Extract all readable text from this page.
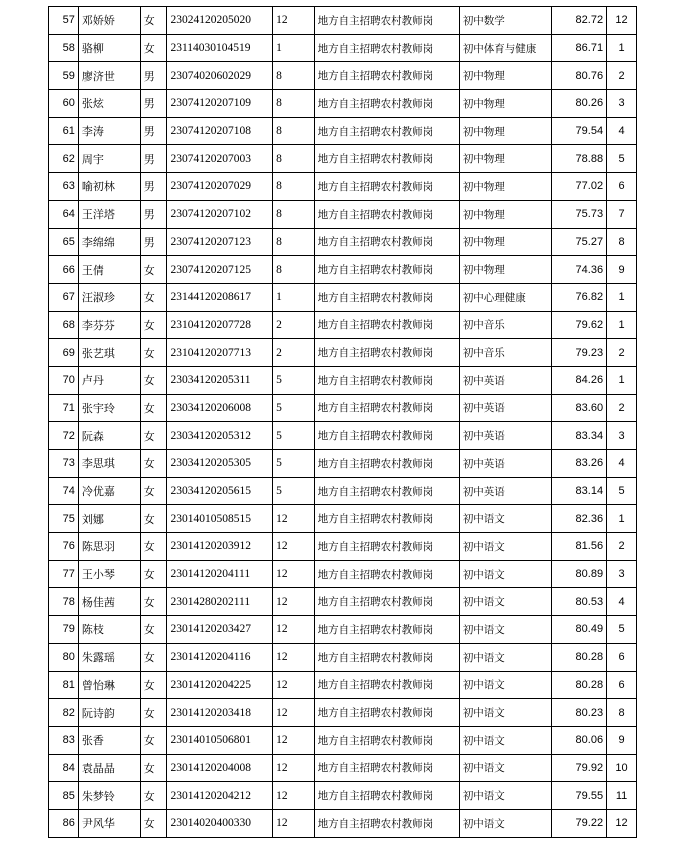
57	邓娇娇	女	23024120205020	12	地方自主招聘农村教师岗	初中数学	82.72	12
58	骆柳	女	23114030104519	1	地方自主招聘农村教师岗	初中体育与健康	86.71	1
59	廖济世	男	23074020602029	8	地方自主招聘农村教师岗	初中物理	80.76	2
60	张炫	男	23074120207109	8	地方自主招聘农村教师岗	初中物理	80.26	3
61	李涛	男	23074120207108	8	地方自主招聘农村教师岗	初中物理	79.54	4
62	周宇	男	23074120207003	8	地方自主招聘农村教师岗	初中物理	78.88	5
63	喻初林	男	23074120207029	8	地方自主招聘农村教师岗	初中物理	77.02	6
64	王洋塔	男	23074120207102	8	地方自主招聘农村教师岗	初中物理	75.73	7
65	李绵绵	男	23074120207123	8	地方自主招聘农村教师岗	初中物理	75.27	8
66	王倩	女	23074120207125	8	地方自主招聘农村教师岗	初中物理	74.36	9
67	汪淑珍	女	23144120208617	1	地方自主招聘农村教师岗	初中心理健康	76.82	1
68	李芬芬	女	23104120207728	2	地方自主招聘农村教师岗	初中音乐	79.62	1
69	张艺琪	女	23104120207713	2	地方自主招聘农村教师岗	初中音乐	79.23	2
70	卢丹	女	23034120205311	5	地方自主招聘农村教师岗	初中英语	84.26	1
71	张宇玲	女	23034120206008	5	地方自主招聘农村教师岗	初中英语	83.60	2
72	阮森	女	23034120205312	5	地方自主招聘农村教师岗	初中英语	83.34	3
73	李思琪	女	23034120205305	5	地方自主招聘农村教师岗	初中英语	83.26	4
74	冷优嘉	女	23034120205615	5	地方自主招聘农村教师岗	初中英语	83.14	5
75	刘娜	女	23014010508515	12	地方自主招聘农村教师岗	初中语文	82.36	1
76	陈思羽	女	23014120203912	12	地方自主招聘农村教师岗	初中语文	81.56	2
77	王小琴	女	23014120204111	12	地方自主招聘农村教师岗	初中语文	80.89	3
78	杨佳茜	女	23014280202111	12	地方自主招聘农村教师岗	初中语文	80.53	4
79	陈枝	女	23014120203427	12	地方自主招聘农村教师岗	初中语文	80.49	5
80	朱露瑶	女	23014120204116	12	地方自主招聘农村教师岗	初中语文	80.28	6
81	曾怡琳	女	23014120204225	12	地方自主招聘农村教师岗	初中语文	80.28	6
82	阮诗韵	女	23014120203418	12	地方自主招聘农村教师岗	初中语文	80.23	8
83	张香	女	23014010506801	12	地方自主招聘农村教师岗	初中语文	80.06	9
84	袁晶晶	女	23014120204008	12	地方自主招聘农村教师岗	初中语文	79.92	10
85	朱梦铃	女	23014120204212	12	地方自主招聘农村教师岗	初中语文	79.55	11
86	尹风华	女	23014020400330	12	地方自主招聘农村教师岗	初中语文	79.22	12
